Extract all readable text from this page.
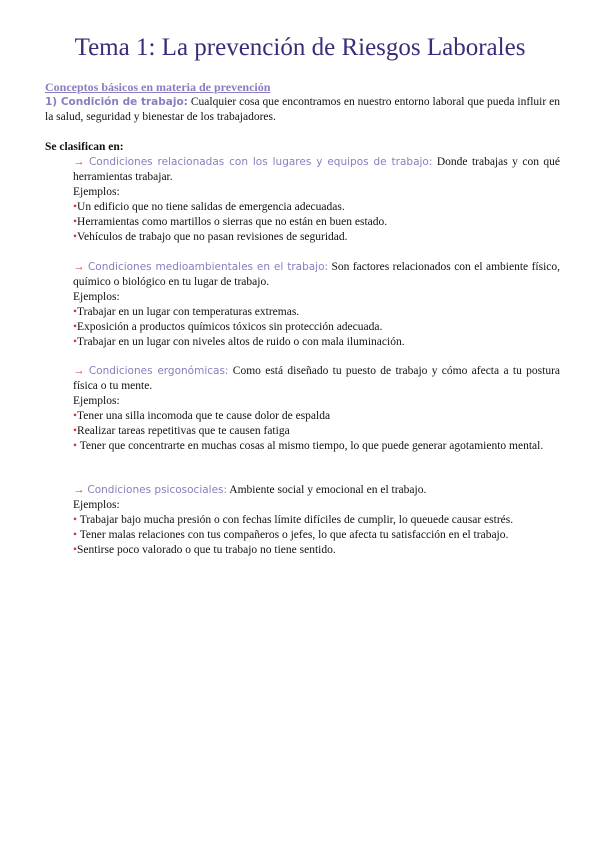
Tema 1: La prevención de Riesgos Laborales
Conceptos básicos en materia de prevención

1) Condición de trabajo: Cualquier cosa que encontramos en nuestro entorno laboral que pueda influir en la salud, seguridad y bienestar de los trabajadores.

Se clasifican en:

→ Condiciones relacionadas con los lugares y equipos de trabajo: Donde trabajas y con qué herramientas trabajar.

Ejemplos:

•Un edificio que no tiene salidas de emergencia adecuadas.

•Herramientas como martillos o sierras que no están en buen estado.

•Vehículos de trabajo que no pasan revisiones de seguridad.

→ Condiciones medioambientales en el trabajo: Son factores relacionados con el ambiente físico, químico o biológico en tu lugar de trabajo.

Ejemplos:

•Trabajar en un lugar con temperaturas extremas.

•Exposición a productos químicos tóxicos sin protección adecuada.

•Trabajar en un lugar con niveles altos de ruido o con mala iluminación.

→ Condiciones ergonómicas: Como está diseñado tu puesto de trabajo y cómo afecta a tu postura física o tu mente.

Ejemplos:

•Tener una silla incomoda que te cause dolor de espalda

•Realizar tareas repetitivas que te causen fatiga

• Tener que concentrarte en muchas cosas al mismo tiempo, lo que puede generar agotamiento mental.

→ Condiciones psicosociales: Ambiente social y emocional en el trabajo.

Ejemplos:

• Trabajar bajo mucha presión o con fechas límite difíciles de cumplir, lo queuede causar estrés.

• Tener malas relaciones con tus compañeros o jefes, lo que afecta tu satisfacción en el trabajo.

•Sentirse poco valorado o que tu trabajo no tiene sentido.
